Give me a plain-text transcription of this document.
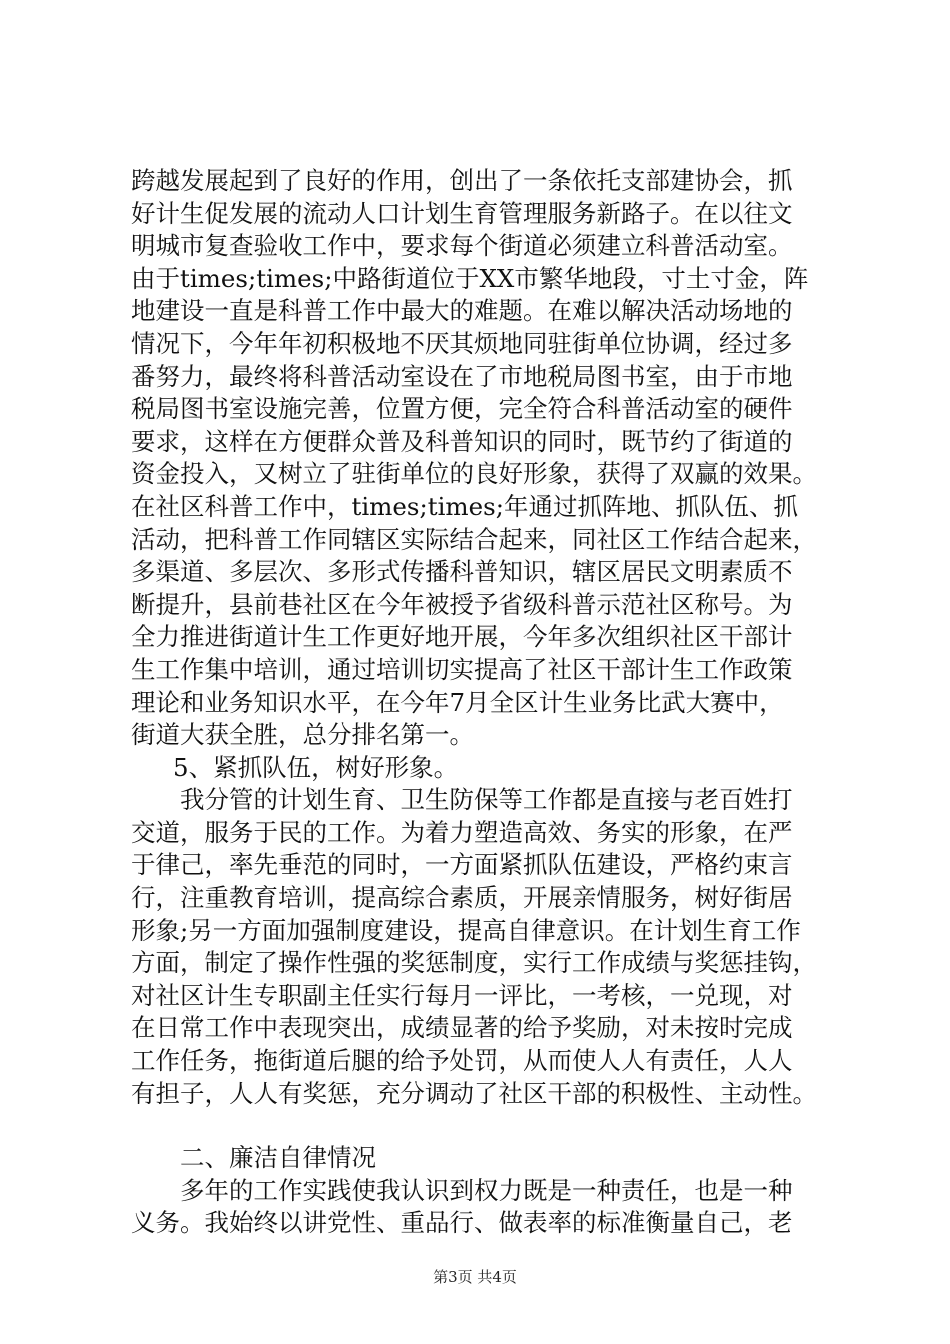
跨越发展起到了良好的作用，创出了一条依托支部建协会，抓
好计生促发展的流动人口计划生育管理服务新路子。在以往文
明城市复查验收工作中，要求每个街道必须建立科普活动室。
由于times;times;中路街道位于XX市繁华地段，寸土寸金，阵
地建设一直是科普工作中最大的难题。在难以解决活动场地的
情况下，今年年初积极地不厌其烦地同驻街单位协调，经过多
番努力，最终将科普活动室设在了市地税局图书室，由于市地
税局图书室设施完善，位置方便，完全符合科普活动室的硬件
要求，这样在方便群众普及科普知识的同时，既节约了街道的
资金投入，又树立了驻街单位的良好形象，获得了双赢的效果。
在社区科普工作中，times;times;年通过抓阵地、抓队伍、抓
活动，把科普工作同辖区实际结合起来，同社区工作结合起来，
多渠道、多层次、多形式传播科普知识，辖区居民文明素质不
断提升，县前巷社区在今年被授予省级科普示范社区称号。为
全力推进街道计生工作更好地开展，今年多次组织社区干部计
生工作集中培训，通过培训切实提高了社区干部计生工作政策
理论和业务知识水平，在今年7月全区计生业务比武大赛中，
街道大获全胜，总分排名第一。
5、紧抓队伍，树好形象。
我分管的计划生育、卫生防保等工作都是直接与老百姓打
交道，服务于民的工作。为着力塑造高效、务实的形象，在严
于律己，率先垂范的同时，一方面紧抓队伍建设，严格约束言
行，注重教育培训，提高综合素质，开展亲情服务，树好街居
形象;另一方面加强制度建设，提高自律意识。在计划生育工作
方面，制定了操作性强的奖惩制度，实行工作成绩与奖惩挂钩，
对社区计生专职副主任实行每月一评比，一考核，一兑现，对
在日常工作中表现突出，成绩显著的给予奖励，对未按时完成
工作任务，拖街道后腿的给予处罚，从而使人人有责任，人人
有担子，人人有奖惩，充分调动了社区干部的积极性、主动性。
二、廉洁自律情况
多年的工作实践使我认识到权力既是一种责任，也是一种
义务。我始终以讲党性、重品行、做表率的标准衡量自己，老
第3页 共4页
